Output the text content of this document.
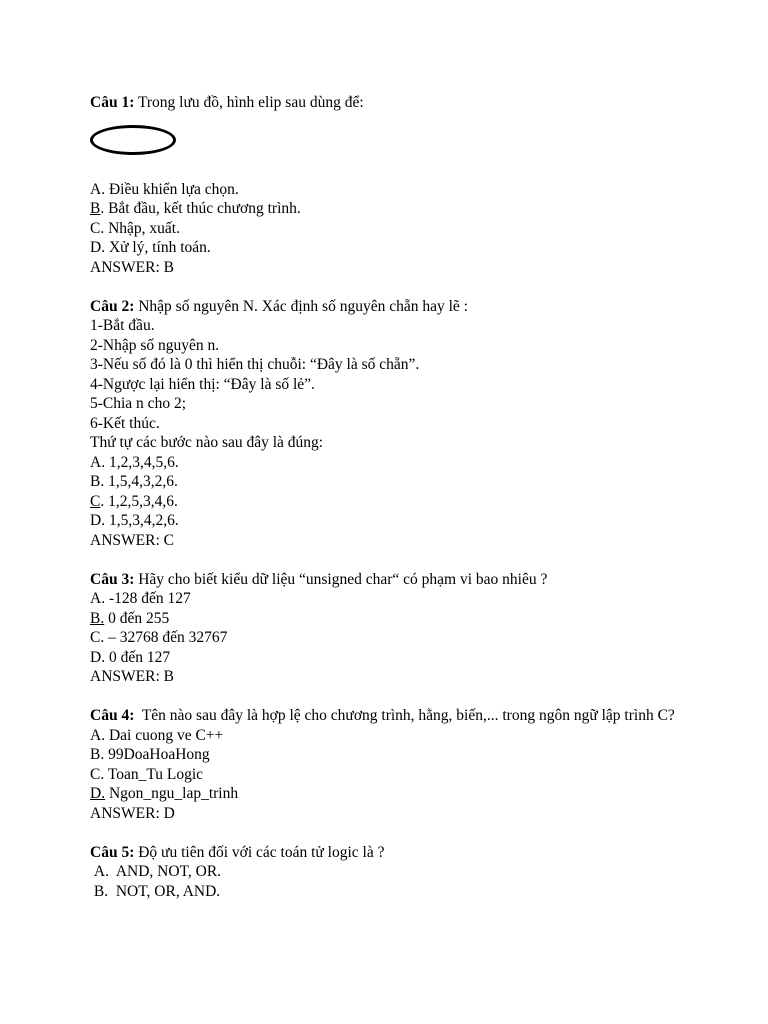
Câu 1: Trong lưu đồ, hình elip sau dùng để:
A. Điều khiển lựa chọn.
B. Bắt đầu, kết thúc chương trình.
C. Nhập, xuất.
D. Xử lý, tính toán.
ANSWER: B
Câu 2: Nhập số nguyên N. Xác định số nguyên chẵn hay lẽ :
1-Bắt đầu.
2-Nhập số nguyên n.
3-Nếu số đó là 0 thì hiển thị chuỗi: “Đây là số chẵn”.
4-Ngược lại hiển thị: “Đây là số lẻ”.
5-Chia n cho 2;
6-Kết thúc.
Thứ tự các bước nào sau đây là đúng:
A. 1,2,3,4,5,6.
B. 1,5,4,3,2,6.
C. 1,2,5,3,4,6.
D. 1,5,3,4,2,6.
ANSWER: C
Câu 3: Hãy cho biết kiểu dữ liệu “unsigned char“ có phạm vi bao nhiêu ?
A. -128 đến 127
B. 0 đến 255
C. – 32768 đến 32767
D. 0 đến 127
ANSWER: B
Câu 4:  Tên nào sau đây là hợp lệ cho chương trình, hằng, biến,... trong ngôn ngữ lập trình C?
A. Dai cuong ve C++
B. 99DoaHoaHong
C. Toan_Tu Logic
D. Ngon_ngu_lap_trinh
ANSWER: D
Câu 5: Độ ưu tiên đối với các toán tử logic là ?
A.  AND, NOT, OR.
B.  NOT, OR, AND.
